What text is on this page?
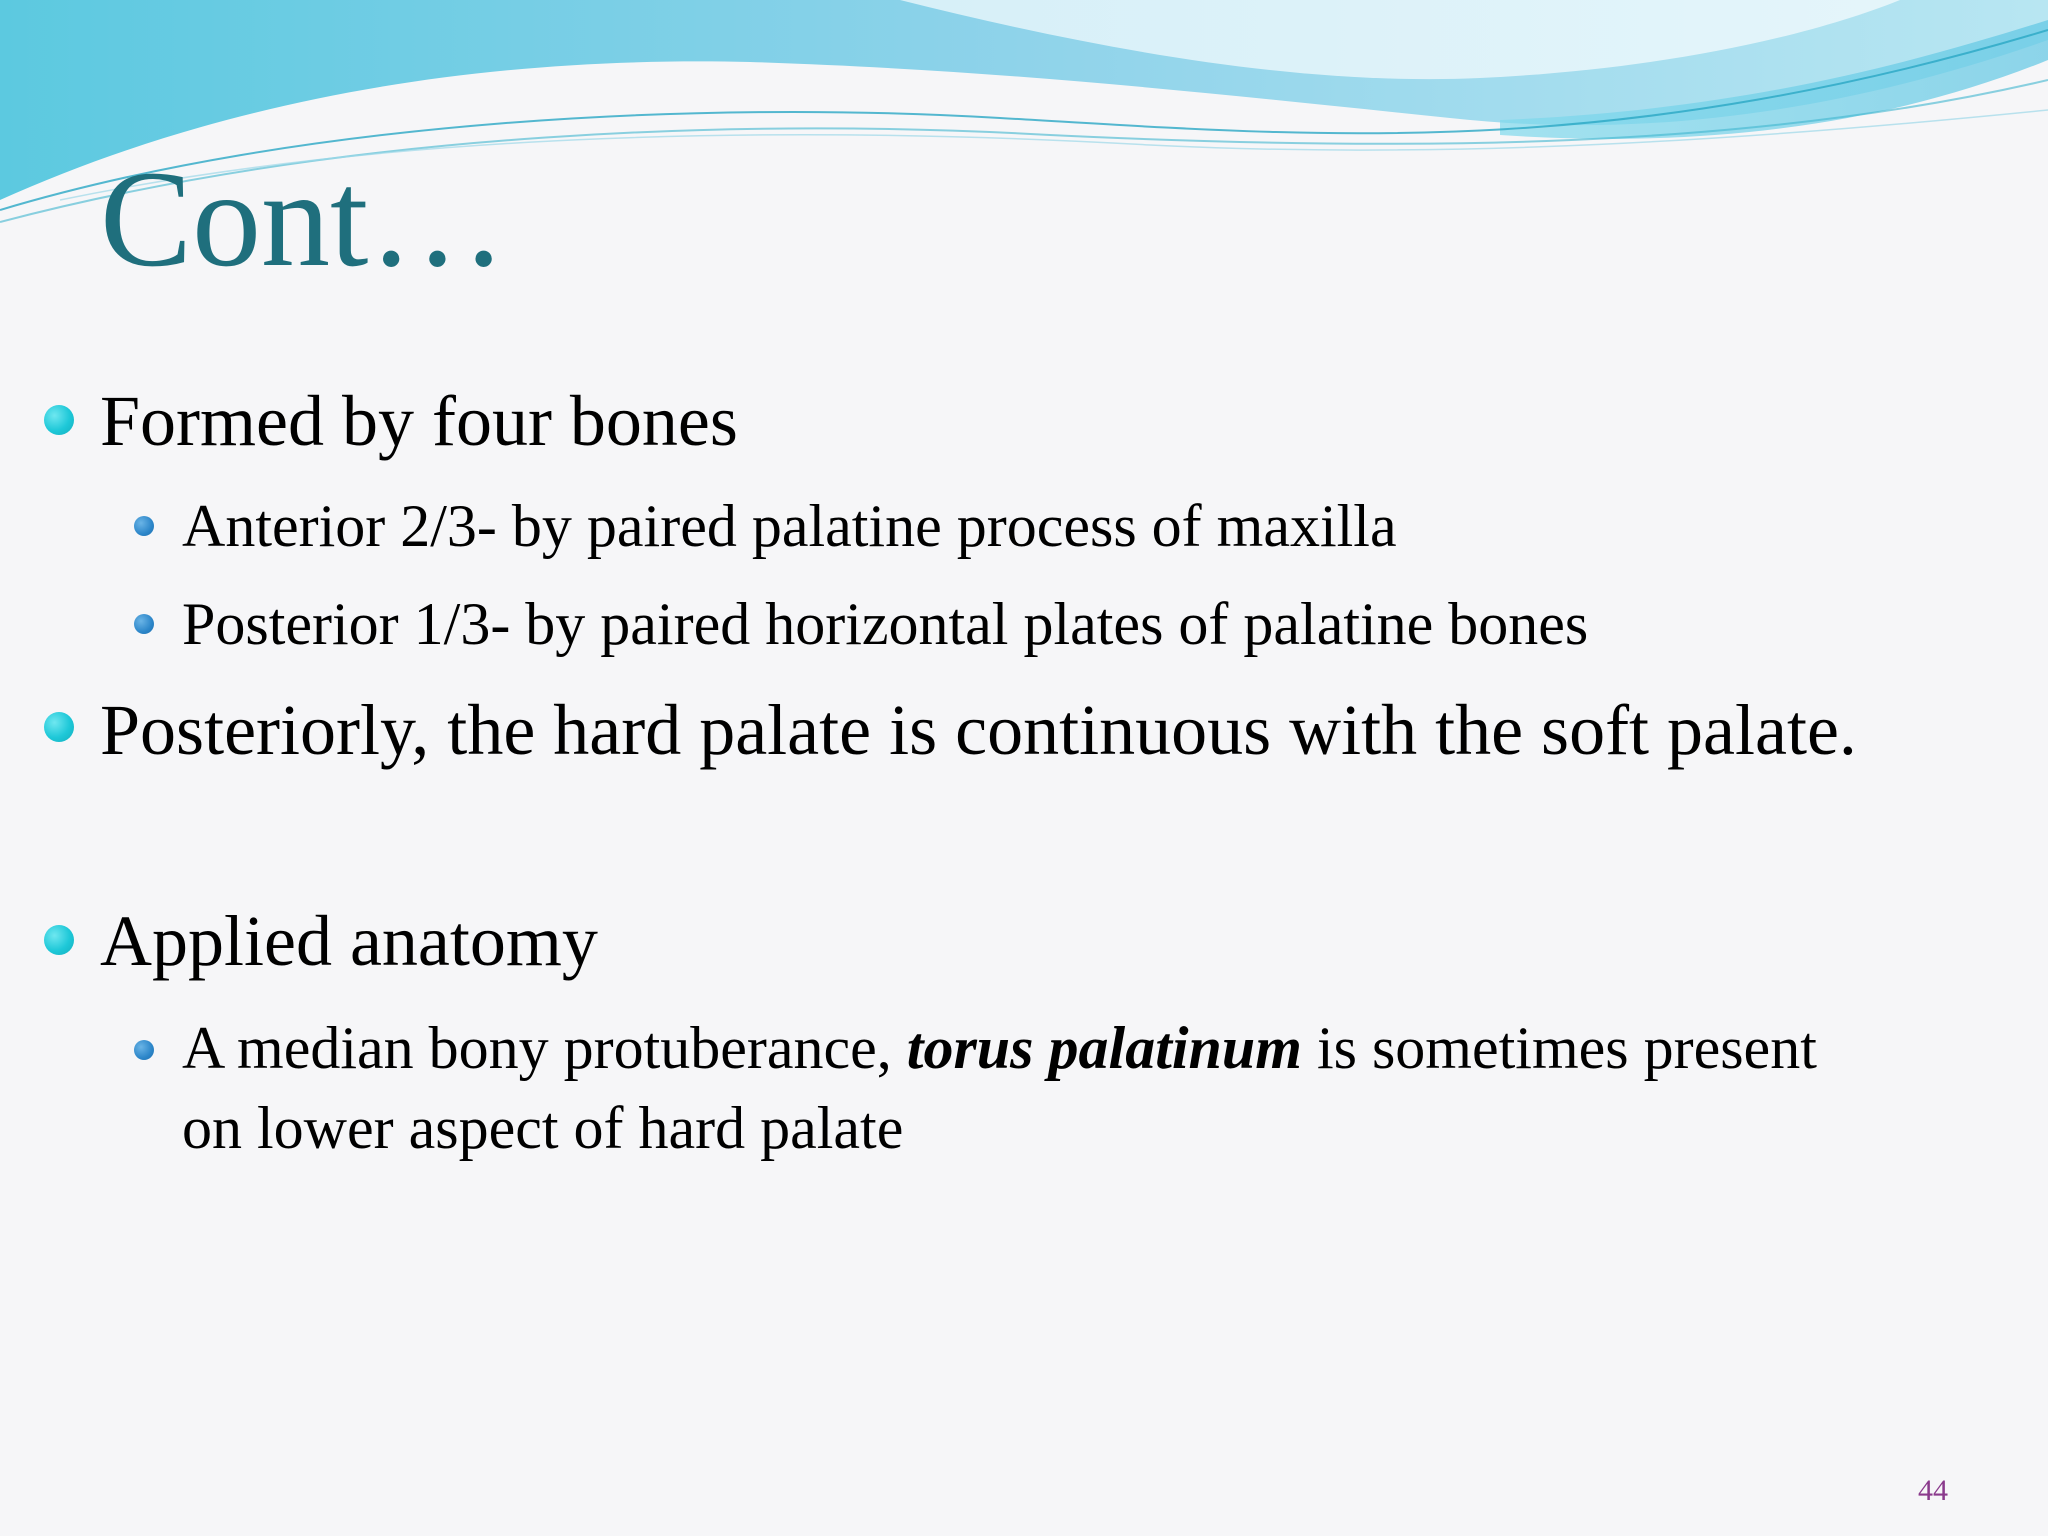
Cont…

Formed by four bones

Anterior 2/3- by paired palatine process of maxilla

Posterior 1/3- by paired horizontal plates of palatine bones

Posteriorly, the hard palate is continuous with the soft palate.

Applied anatomy

A median bony protuberance, torus palatinum is sometimes present on lower aspect of hard palate

44
